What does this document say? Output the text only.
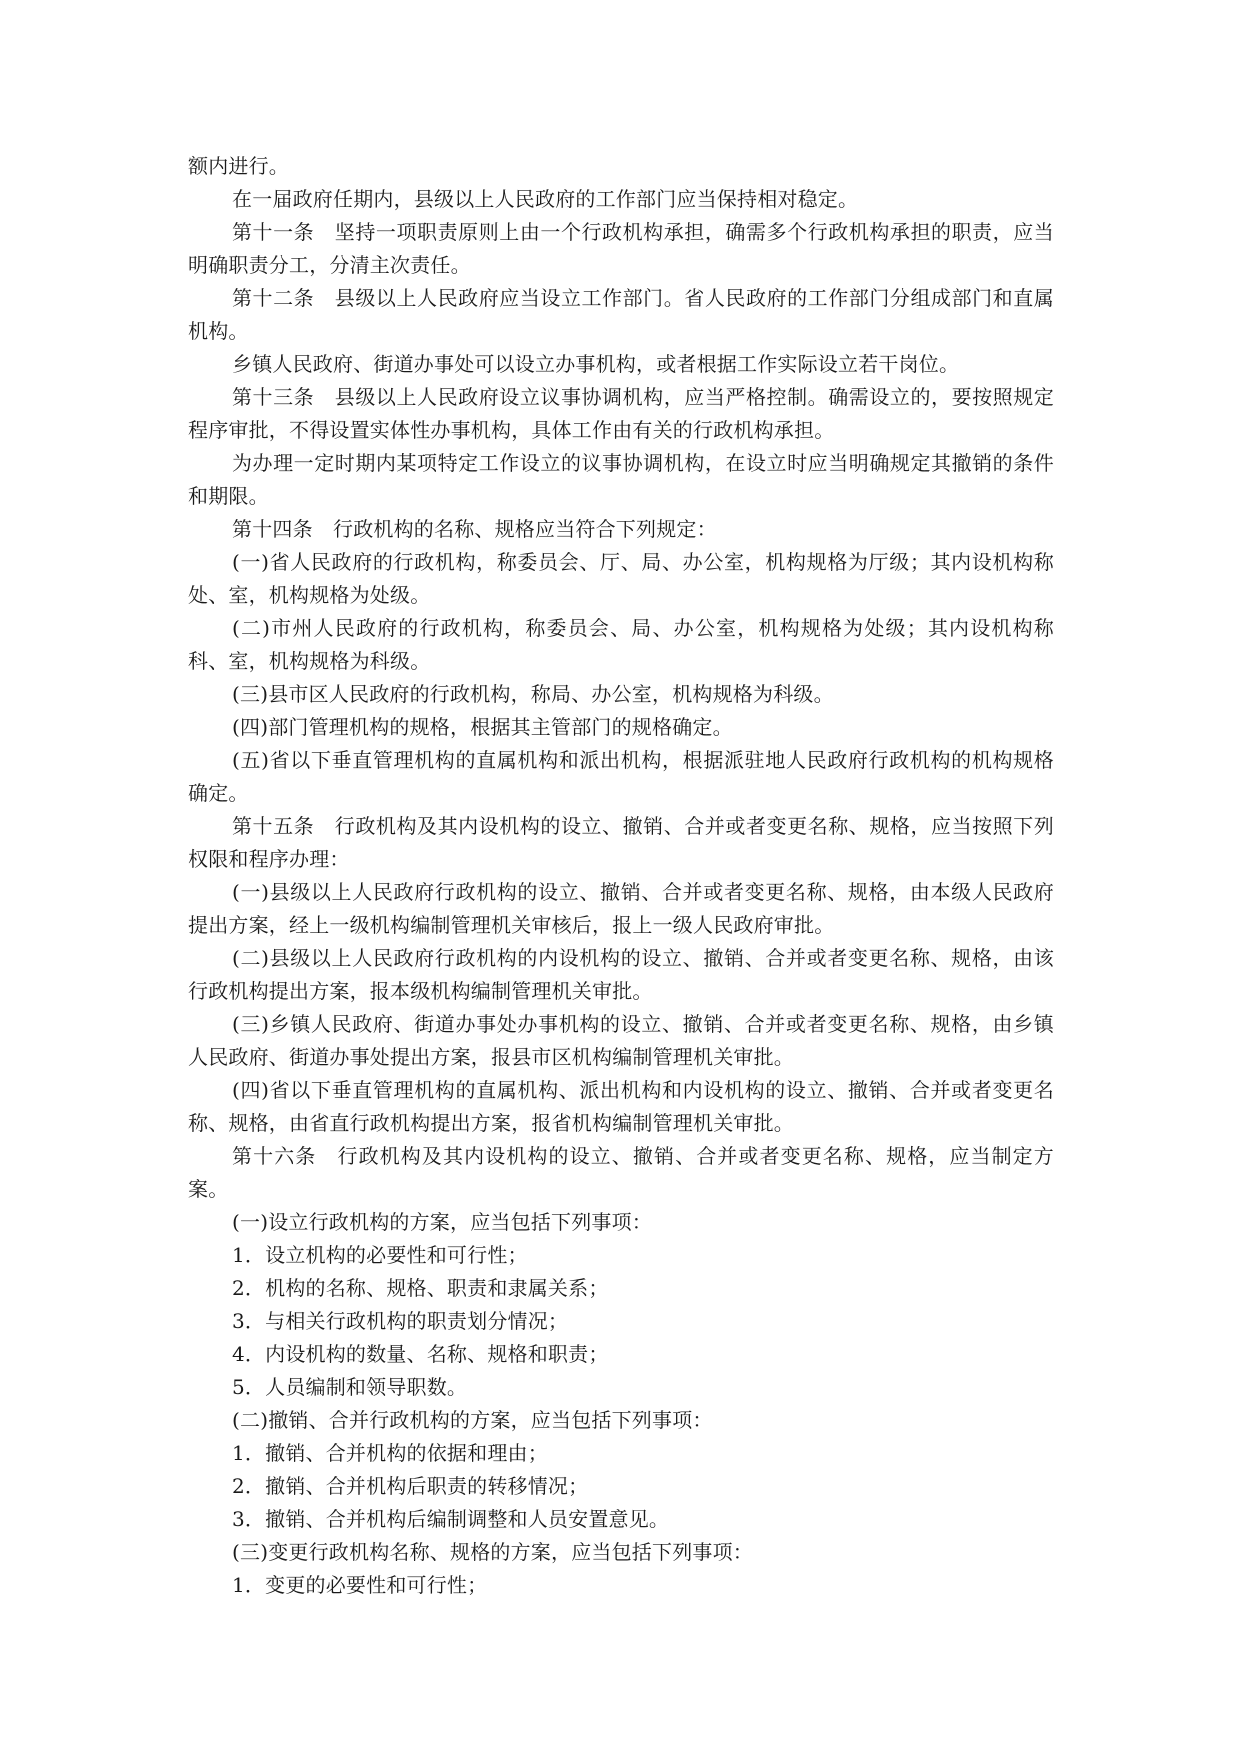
额内进行。

在一届政府任期内，县级以上人民政府的工作部门应当保持相对稳定。

第十一条　坚持一项职责原则上由一个行政机构承担，确需多个行政机构承担的职责，应当明确职责分工，分清主次责任。

第十二条　县级以上人民政府应当设立工作部门。省人民政府的工作部门分组成部门和直属机构。

乡镇人民政府、街道办事处可以设立办事机构，或者根据工作实际设立若干岗位。

第十三条　县级以上人民政府设立议事协调机构，应当严格控制。确需设立的，要按照规定程序审批，不得设置实体性办事机构，具体工作由有关的行政机构承担。

为办理一定时期内某项特定工作设立的议事协调机构，在设立时应当明确规定其撤销的条件和期限。

第十四条　行政机构的名称、规格应当符合下列规定：

(一)省人民政府的行政机构，称委员会、厅、局、办公室，机构规格为厅级；其内设机构称处、室，机构规格为处级。

(二)市州人民政府的行政机构，称委员会、局、办公室，机构规格为处级；其内设机构称科、室，机构规格为科级。

(三)县市区人民政府的行政机构，称局、办公室，机构规格为科级。

(四)部门管理机构的规格，根据其主管部门的规格确定。

(五)省以下垂直管理机构的直属机构和派出机构，根据派驻地人民政府行政机构的机构规格确定。

第十五条　行政机构及其内设机构的设立、撤销、合并或者变更名称、规格，应当按照下列权限和程序办理：

(一)县级以上人民政府行政机构的设立、撤销、合并或者变更名称、规格，由本级人民政府提出方案，经上一级机构编制管理机关审核后，报上一级人民政府审批。

(二)县级以上人民政府行政机构的内设机构的设立、撤销、合并或者变更名称、规格，由该行政机构提出方案，报本级机构编制管理机关审批。

(三)乡镇人民政府、街道办事处办事机构的设立、撤销、合并或者变更名称、规格，由乡镇人民政府、街道办事处提出方案，报县市区机构编制管理机关审批。

(四)省以下垂直管理机构的直属机构、派出机构和内设机构的设立、撤销、合并或者变更名称、规格，由省直行政机构提出方案，报省机构编制管理机关审批。

第十六条　行政机构及其内设机构的设立、撤销、合并或者变更名称、规格，应当制定方案。

(一)设立行政机构的方案，应当包括下列事项：

1．设立机构的必要性和可行性；

2．机构的名称、规格、职责和隶属关系；

3．与相关行政机构的职责划分情况；

4．内设机构的数量、名称、规格和职责；

5．人员编制和领导职数。

(二)撤销、合并行政机构的方案，应当包括下列事项：

1．撤销、合并机构的依据和理由；

2．撤销、合并机构后职责的转移情况；

3．撤销、合并机构后编制调整和人员安置意见。

(三)变更行政机构名称、规格的方案，应当包括下列事项：

1．变更的必要性和可行性；
